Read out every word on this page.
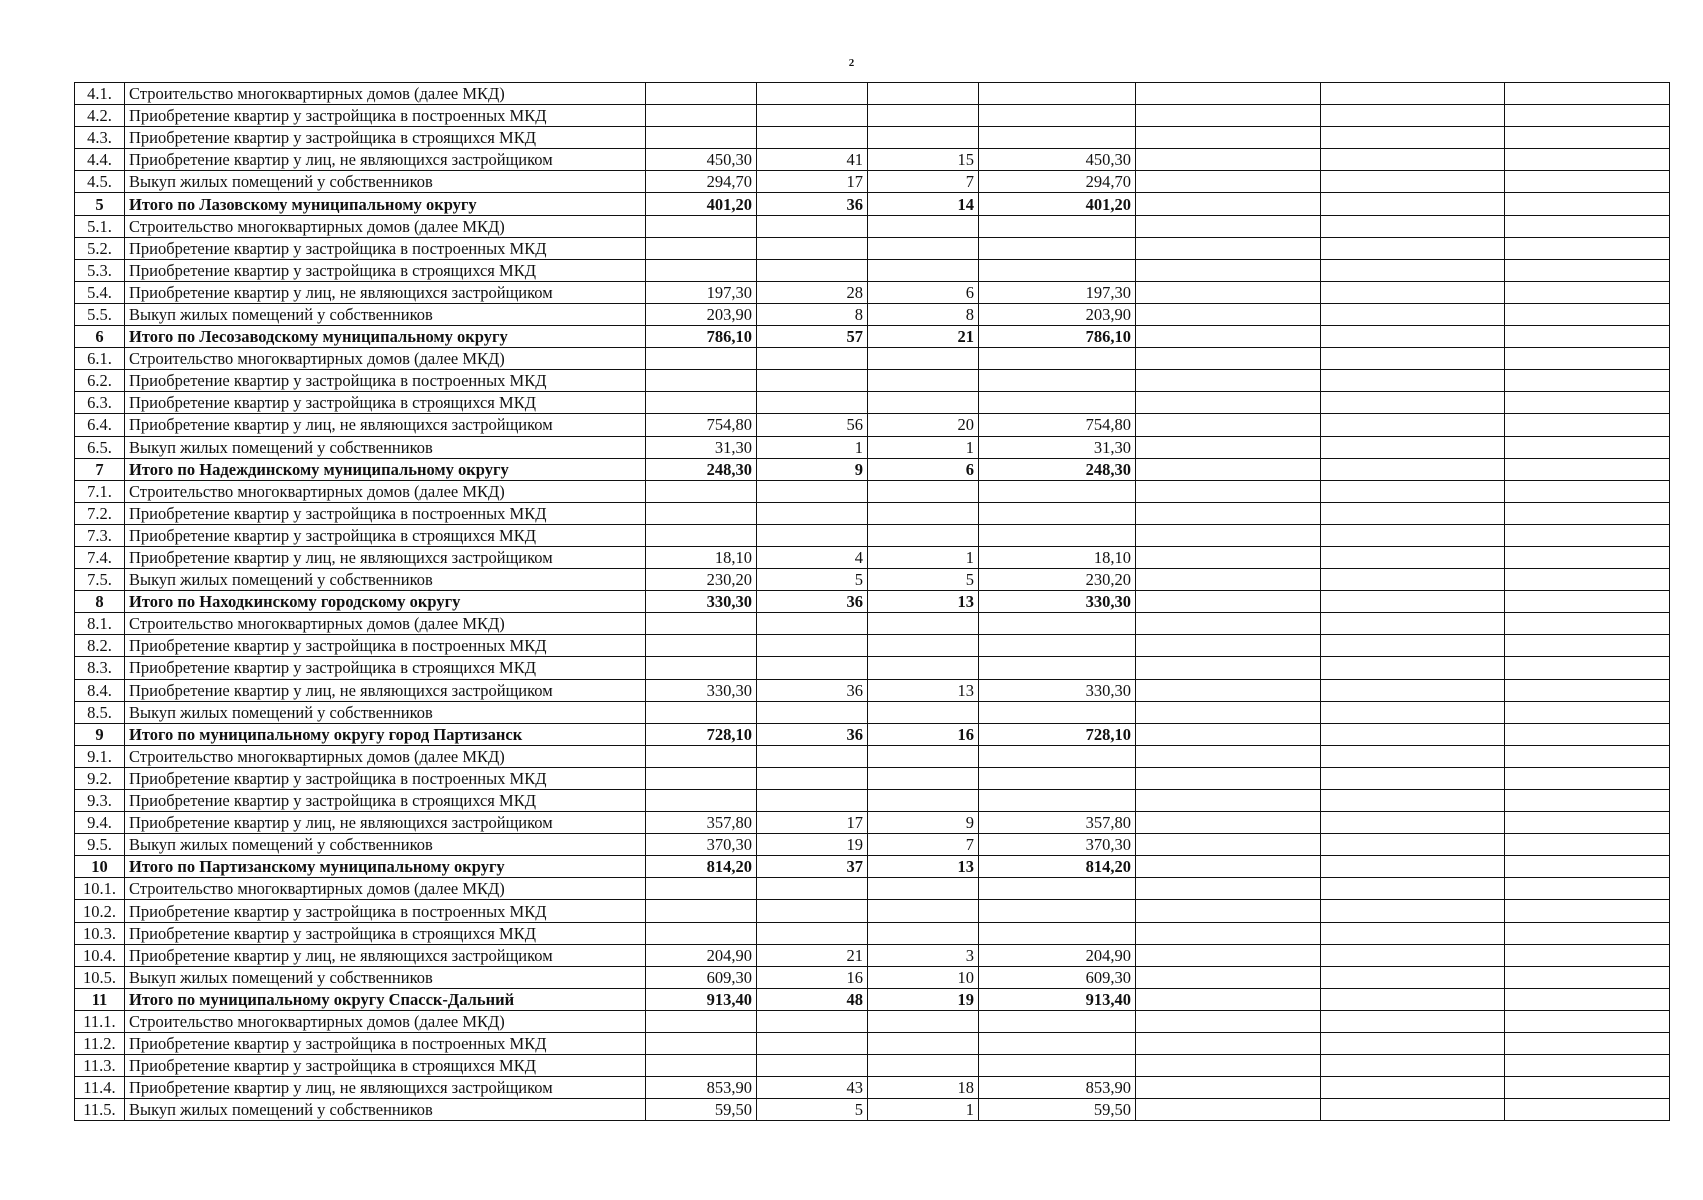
2
4.1.	Строительство многоквартирных домов (далее МКД)							
4.2.	Приобретение квартир у застройщика в построенных МКД							
4.3.	Приобретение квартир у застройщика в строящихся МКД							
4.4.	Приобретение квартир у лиц, не являющихся застройщиком	450,30	41	15	450,30			
4.5.	Выкуп жилых помещений у собственников	294,70	17	7	294,70			
5	Итого по Лазовскому муниципальному округу	401,20	36	14	401,20			
5.1.	Строительство многоквартирных домов (далее МКД)							
5.2.	Приобретение квартир у застройщика в построенных МКД							
5.3.	Приобретение квартир у застройщика в строящихся МКД							
5.4.	Приобретение квартир у лиц, не являющихся застройщиком	197,30	28	6	197,30			
5.5.	Выкуп жилых помещений у собственников	203,90	8	8	203,90			
6	Итого по Лесозаводскому муниципальному округу	786,10	57	21	786,10			
6.1.	Строительство многоквартирных домов (далее МКД)							
6.2.	Приобретение квартир у застройщика в построенных МКД							
6.3.	Приобретение квартир у застройщика в строящихся МКД							
6.4.	Приобретение квартир у лиц, не являющихся застройщиком	754,80	56	20	754,80			
6.5.	Выкуп жилых помещений у собственников	31,30	1	1	31,30			
7	Итого по Надеждинскому муниципальному округу	248,30	9	6	248,30			
7.1.	Строительство многоквартирных домов (далее МКД)							
7.2.	Приобретение квартир у застройщика в построенных МКД							
7.3.	Приобретение квартир у застройщика в строящихся МКД							
7.4.	Приобретение квартир у лиц, не являющихся застройщиком	18,10	4	1	18,10			
7.5.	Выкуп жилых помещений у собственников	230,20	5	5	230,20			
8	Итого по Находкинскому городскому округу	330,30	36	13	330,30			
8.1.	Строительство многоквартирных домов (далее МКД)							
8.2.	Приобретение квартир у застройщика в построенных МКД							
8.3.	Приобретение квартир у застройщика в строящихся МКД							
8.4.	Приобретение квартир у лиц, не являющихся застройщиком	330,30	36	13	330,30			
8.5.	Выкуп жилых помещений у собственников							
9	Итого по муниципальному округу город Партизанск	728,10	36	16	728,10			
9.1.	Строительство многоквартирных домов (далее МКД)							
9.2.	Приобретение квартир у застройщика в построенных МКД							
9.3.	Приобретение квартир у застройщика в строящихся МКД							
9.4.	Приобретение квартир у лиц, не являющихся застройщиком	357,80	17	9	357,80			
9.5.	Выкуп жилых помещений у собственников	370,30	19	7	370,30			
10	Итого по Партизанскому муниципальному округу	814,20	37	13	814,20			
10.1.	Строительство многоквартирных домов (далее МКД)							
10.2.	Приобретение квартир у застройщика в построенных МКД							
10.3.	Приобретение квартир у застройщика в строящихся МКД							
10.4.	Приобретение квартир у лиц, не являющихся застройщиком	204,90	21	3	204,90			
10.5.	Выкуп жилых помещений у собственников	609,30	16	10	609,30			
11	Итого по муниципальному округу Спасск-Дальний	913,40	48	19	913,40			
11.1.	Строительство многоквартирных домов (далее МКД)							
11.2.	Приобретение квартир у застройщика в построенных МКД							
11.3.	Приобретение квартир у застройщика в строящихся МКД							
11.4.	Приобретение квартир у лиц, не являющихся застройщиком	853,90	43	18	853,90			
11.5.	Выкуп жилых помещений у собственников	59,50	5	1	59,50			
